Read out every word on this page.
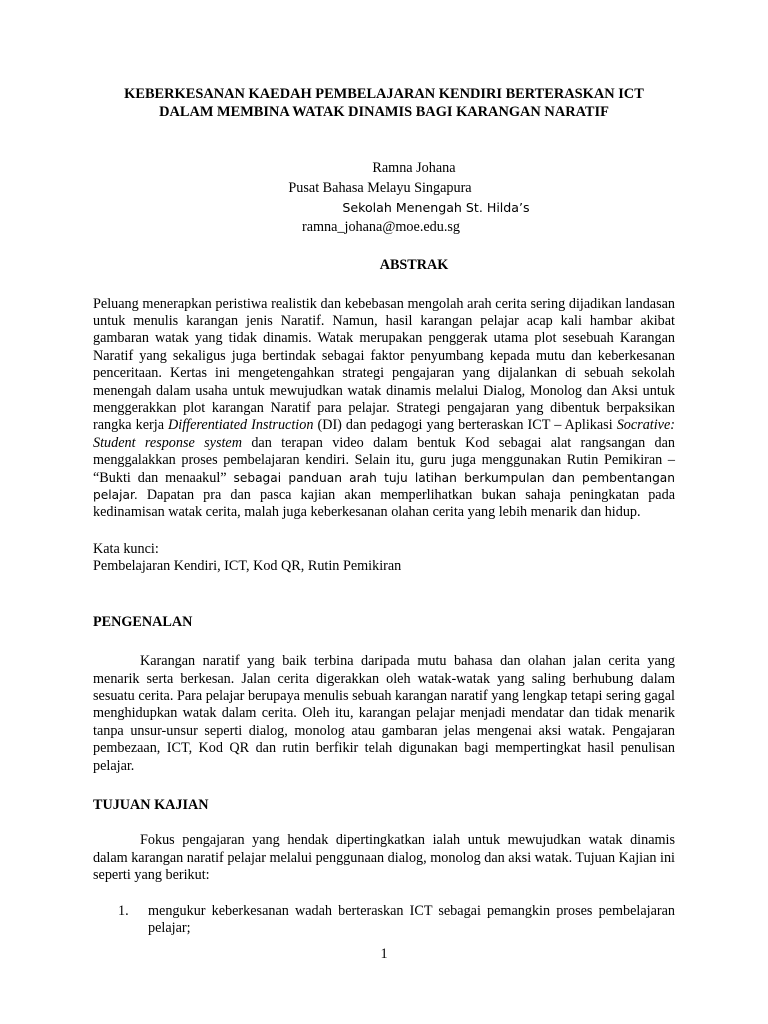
KEBERKESANAN KAEDAH PEMBELAJARAN KENDIRI BERTERASKAN ICT
DALAM MEMBINA WATAK DINAMIS BAGI KARANGAN NARATIF

Ramna Johana
Pusat Bahasa Melayu Singapura
Sekolah Menengah St. Hilda’s
ramna_johana@moe.edu.sg
ABSTRAK

Peluang menerapkan peristiwa realistik dan kebebasan mengolah arah cerita sering dijadikan landasan untuk menulis karangan jenis Naratif. Namun, hasil karangan pelajar acap kali hambar akibat gambaran watak yang tidak dinamis. Watak merupakan penggerak utama plot sesebuah Karangan Naratif yang sekaligus juga bertindak sebagai faktor penyumbang kepada mutu dan keberkesanan penceritaan. Kertas ini mengetengahkan strategi pengajaran yang dijalankan di sebuah sekolah menengah dalam usaha untuk mewujudkan watak dinamis melalui Dialog, Monolog dan Aksi untuk menggerakkan plot karangan Naratif para pelajar. Strategi pengajaran yang dibentuk berpaksikan rangka kerja Differentiated Instruction (DI) dan pedagogi yang berteraskan ICT – Aplikasi Socrative: Student response system dan terapan video dalam bentuk Kod sebagai alat rangsangan dan menggalakkan proses pembelajaran kendiri. Selain itu, guru juga menggunakan Rutin Pemikiran – “Bukti dan menaakul” sebagai panduan arah tuju latihan berkumpulan dan pembentangan pelajar. Dapatan pra dan pasca kajian akan memperlihatkan bukan sahaja peningkatan pada kedinamisan watak cerita, malah juga keberkesanan olahan cerita yang lebih menarik dan hidup.

Kata kunci:

Pembelajaran Kendiri, ICT, Kod QR, Rutin Pemikiran

PENGENALAN

Karangan naratif yang baik terbina daripada mutu bahasa dan olahan jalan cerita yang menarik serta berkesan. Jalan cerita digerakkan oleh watak-watak yang saling berhubung dalam sesuatu cerita. Para pelajar berupaya menulis sebuah karangan naratif yang lengkap tetapi sering gagal menghidupkan watak dalam cerita. Oleh itu, karangan pelajar menjadi mendatar dan tidak menarik tanpa unsur-unsur seperti dialog, monolog atau gambaran jelas mengenai aksi watak. Pengajaran pembezaan, ICT, Kod QR dan rutin berfikir telah digunakan bagi mempertingkat hasil penulisan pelajar.

TUJUAN KAJIAN

Fokus pengajaran yang hendak dipertingkatkan ialah untuk mewujudkan watak dinamis dalam karangan naratif pelajar melalui penggunaan dialog, monolog dan aksi watak. Tujuan Kajian ini seperti yang berikut:

1.	mengukur keberkesanan wadah berteraskan ICT sebagai pemangkin proses pembelajaran pelajar;
1
